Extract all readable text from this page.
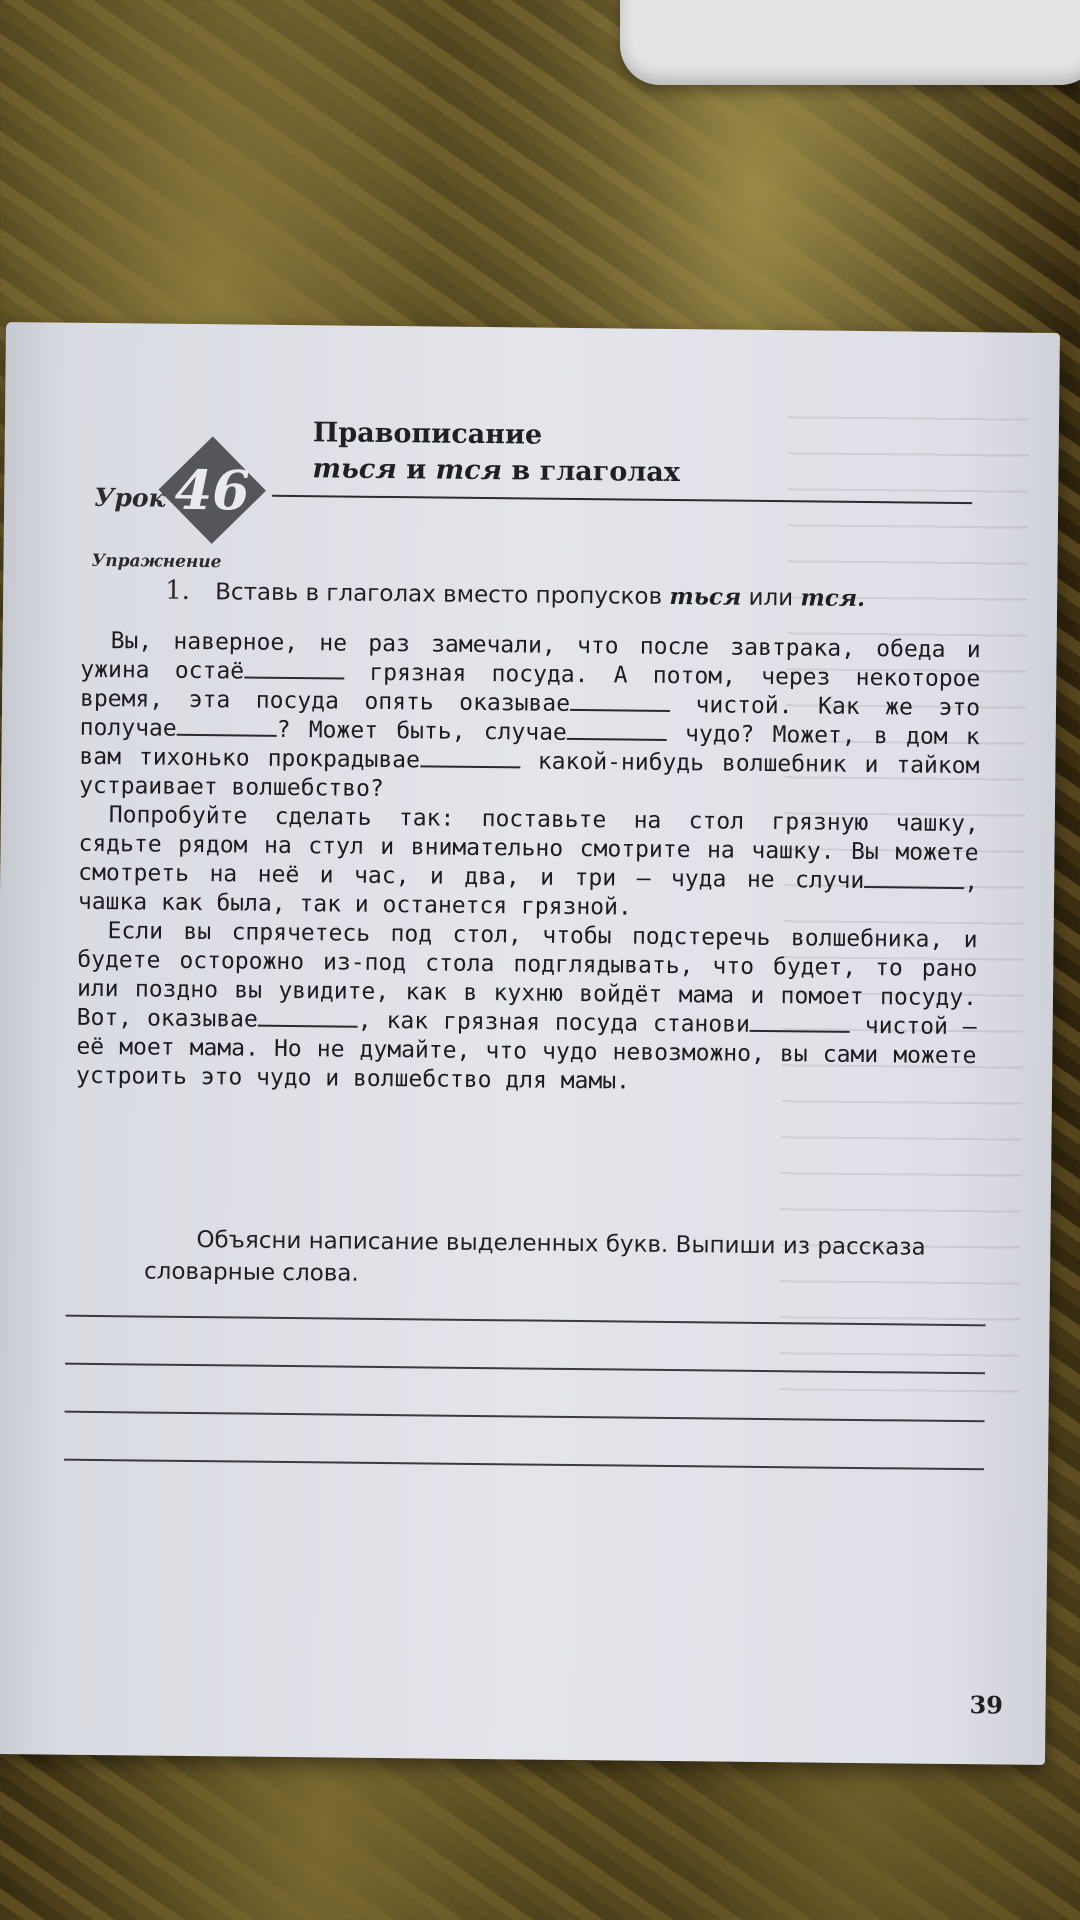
Урок 46
Правописание
ться и тся в глаголах
Упражнение
1. Вставь в глаголах вместо пропусков ться или тся.

Вы, наверное, не раз замечали, что после завтрака, обеда и ужина остаё	грязная посуда. А потом, через некоторое время, эта посуда опять оказывае	чистой. Как же это получае	? Может быть, случае	чудо? Может, в дом к вам тихонько прокрадывае	какой-нибудь волшебник и тайком устраивает волшебство?

Попробуйте сделать так: поставьте на стол грязную чашку, сядьте рядом на стул и внимательно смотрите на чашку. Вы можете смотреть на неё и час, и два, и три — чуда не случи	, чашка как была, так и останется грязной.

Если вы спрячетесь под стол, чтобы подстеречь волшебника, и будете осторожно из-под стола подглядывать, что будет, то рано или поздно вы увидите, как в кухню войдёт мама и помоет посуду. Вот, оказывае	, как грязная посуда станови	чистой — её моет мама. Но не думайте, что чудо невозможно, вы сами можете устроить это чудо и волшебство для мамы.

Объясни написание выделенных букв. Выпиши из рассказа словарные слова.
39
